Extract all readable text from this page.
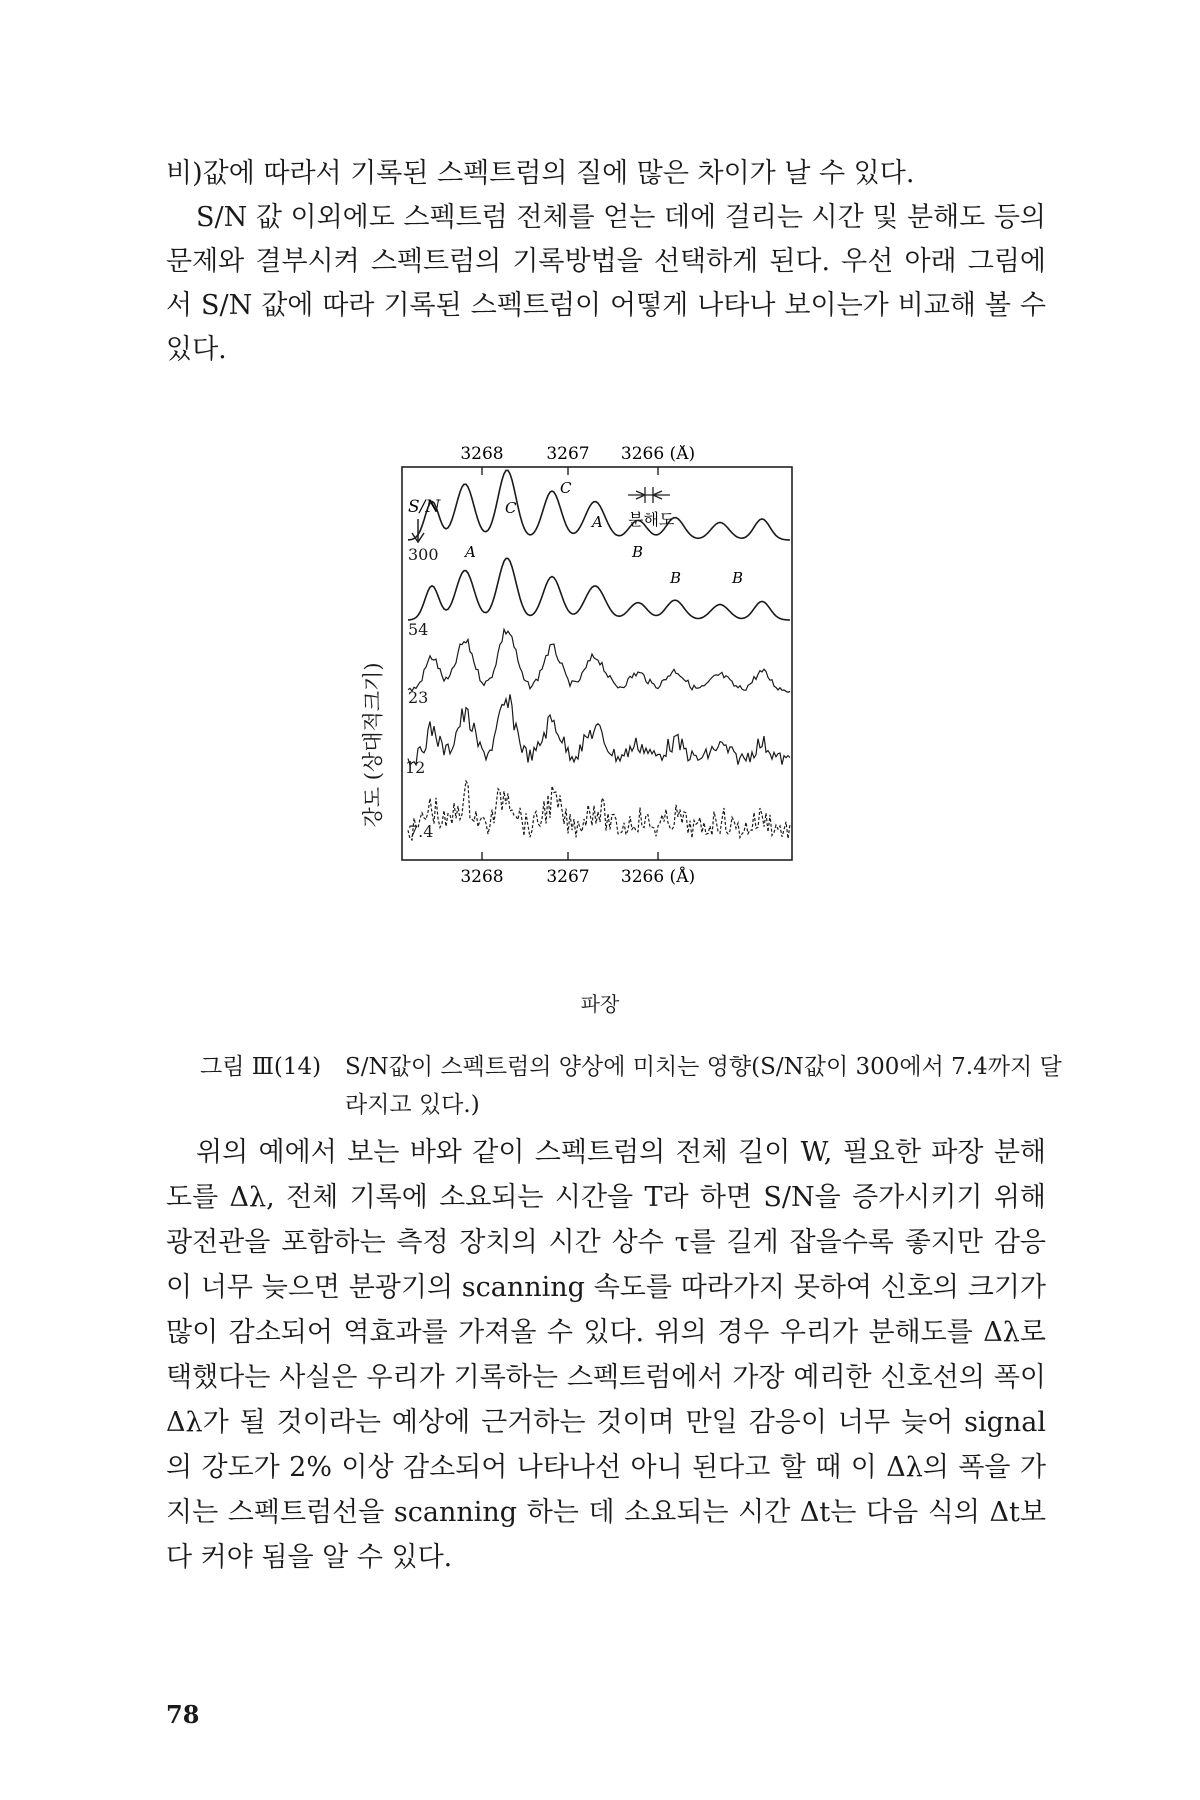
비)값에 따라서 기록된 스펙트럼의 질에 많은 차이가 날 수 있다.
S/N 값 이외에도 스펙트럼 전체를 얻는 데에 걸리는 시간 및 분해도 등의 문제와 결부시켜 스펙트럼의 기록방법을 선택하게 된다. 우선 아래 그림에서 S/N 값에 따라 기록된 스펙트럼이 어떻게 나타나 보이는가 비교해 볼 수 있다.
강도 (상대적크기)
3268	3267 3266 (Å)
3268	3267 3266 (Å)
S/N
분해도
300
54
23
12
7.4
A
C
C
A
B
B	B
파장
그림 Ⅲ(14) S/N값이 스펙트럼의 양상에 미치는 영향(S/N값이 300에서 7.4까지 달라지고 있다.)
위의 예에서 보는 바와 같이 스펙트럼의 전체 길이 W, 필요한 파장 분해도를 Δλ, 전체 기록에 소요되는 시간을 T라 하면 S/N을 증가시키기 위해 광전관을 포함하는 측정 장치의 시간 상수 τ를 길게 잡을수록 좋지만 감응이 너무 늦으면 분광기의 scanning 속도를 따라가지 못하여 신호의 크기가 많이 감소되어 역효과를 가져올 수 있다. 위의 경우 우리가 분해도를 Δλ로 택했다는 사실은 우리가 기록하는 스펙트럼에서 가장 예리한 신호선의 폭이 Δλ가 될 것이라는 예상에 근거하는 것이며 만일 감응이 너무 늦어 signal의 강도가 2% 이상 감소되어 나타나선 아니 된다고 할 때 이 Δλ의 폭을 가지는 스펙트럼선을 scanning 하는 데 소요되는 시간 Δt는 다음 식의 Δt보다 커야 됨을 알 수 있다.
78
